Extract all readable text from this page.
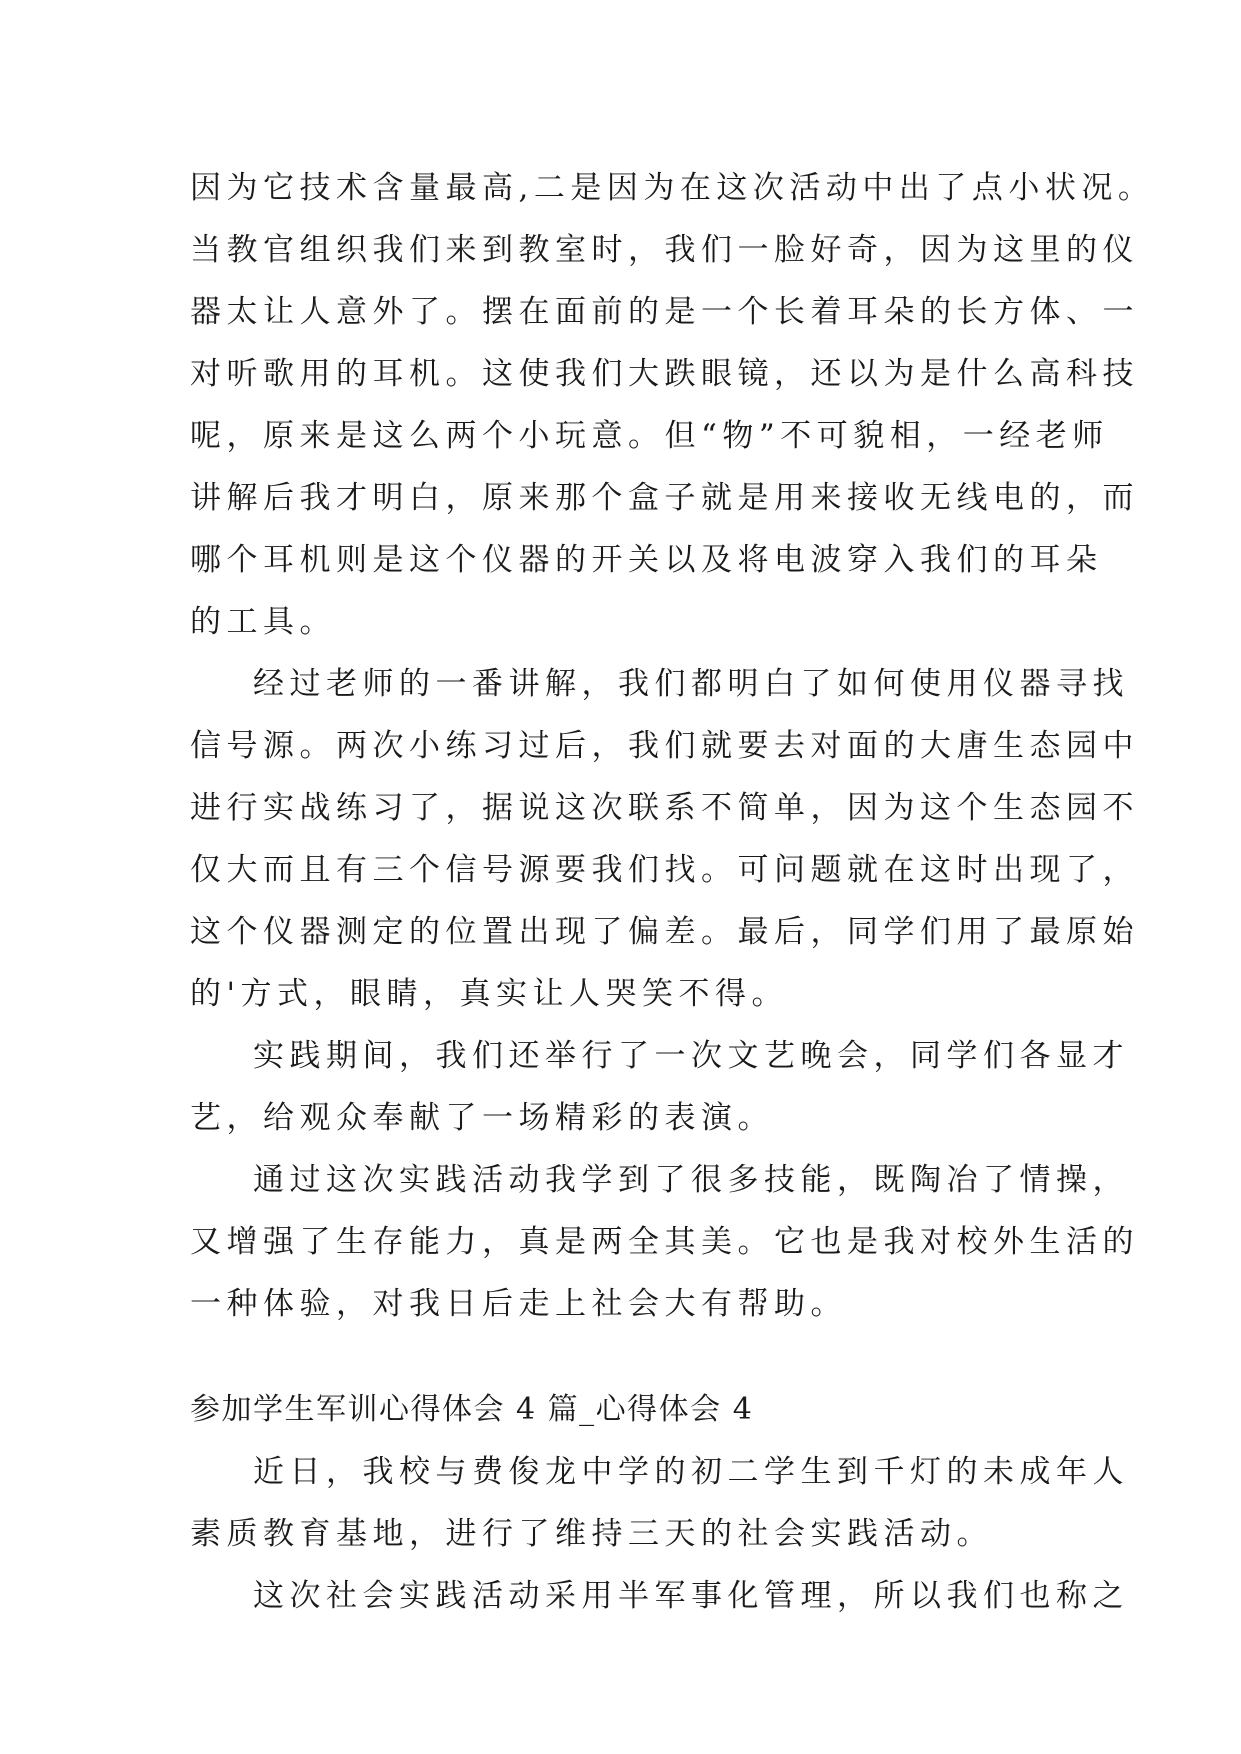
因为它技术含量最高,二是因为在这次活动中出了点小状况。
当教官组织我们来到教室时，我们一脸好奇，因为这里的仪
器太让人意外了。摆在面前的是一个长着耳朵的长方体、一
对听歌用的耳机。这使我们大跌眼镜，还以为是什么高科技
呢，原来是这么两个小玩意。但“物”不可貌相，一经老师
讲解后我才明白，原来那个盒子就是用来接收无线电的，而
哪个耳机则是这个仪器的开关以及将电波穿入我们的耳朵
的工具。
经过老师的一番讲解，我们都明白了如何使用仪器寻找
信号源。两次小练习过后，我们就要去对面的大唐生态园中
进行实战练习了，据说这次联系不简单，因为这个生态园不
仅大而且有三个信号源要我们找。可问题就在这时出现了，
这个仪器测定的位置出现了偏差。最后，同学们用了最原始
的'方式，眼睛，真实让人哭笑不得。
实践期间，我们还举行了一次文艺晚会，同学们各显才
艺，给观众奉献了一场精彩的表演。
通过这次实践活动我学到了很多技能，既陶冶了情操，
又增强了生存能力，真是两全其美。它也是我对校外生活的
一种体验，对我日后走上社会大有帮助。
参加学生军训心得体会 4 篇_心得体会 4
近日，我校与费俊龙中学的初二学生到千灯的未成年人
素质教育基地，进行了维持三天的社会实践活动。
这次社会实践活动采用半军事化管理，所以我们也称之
